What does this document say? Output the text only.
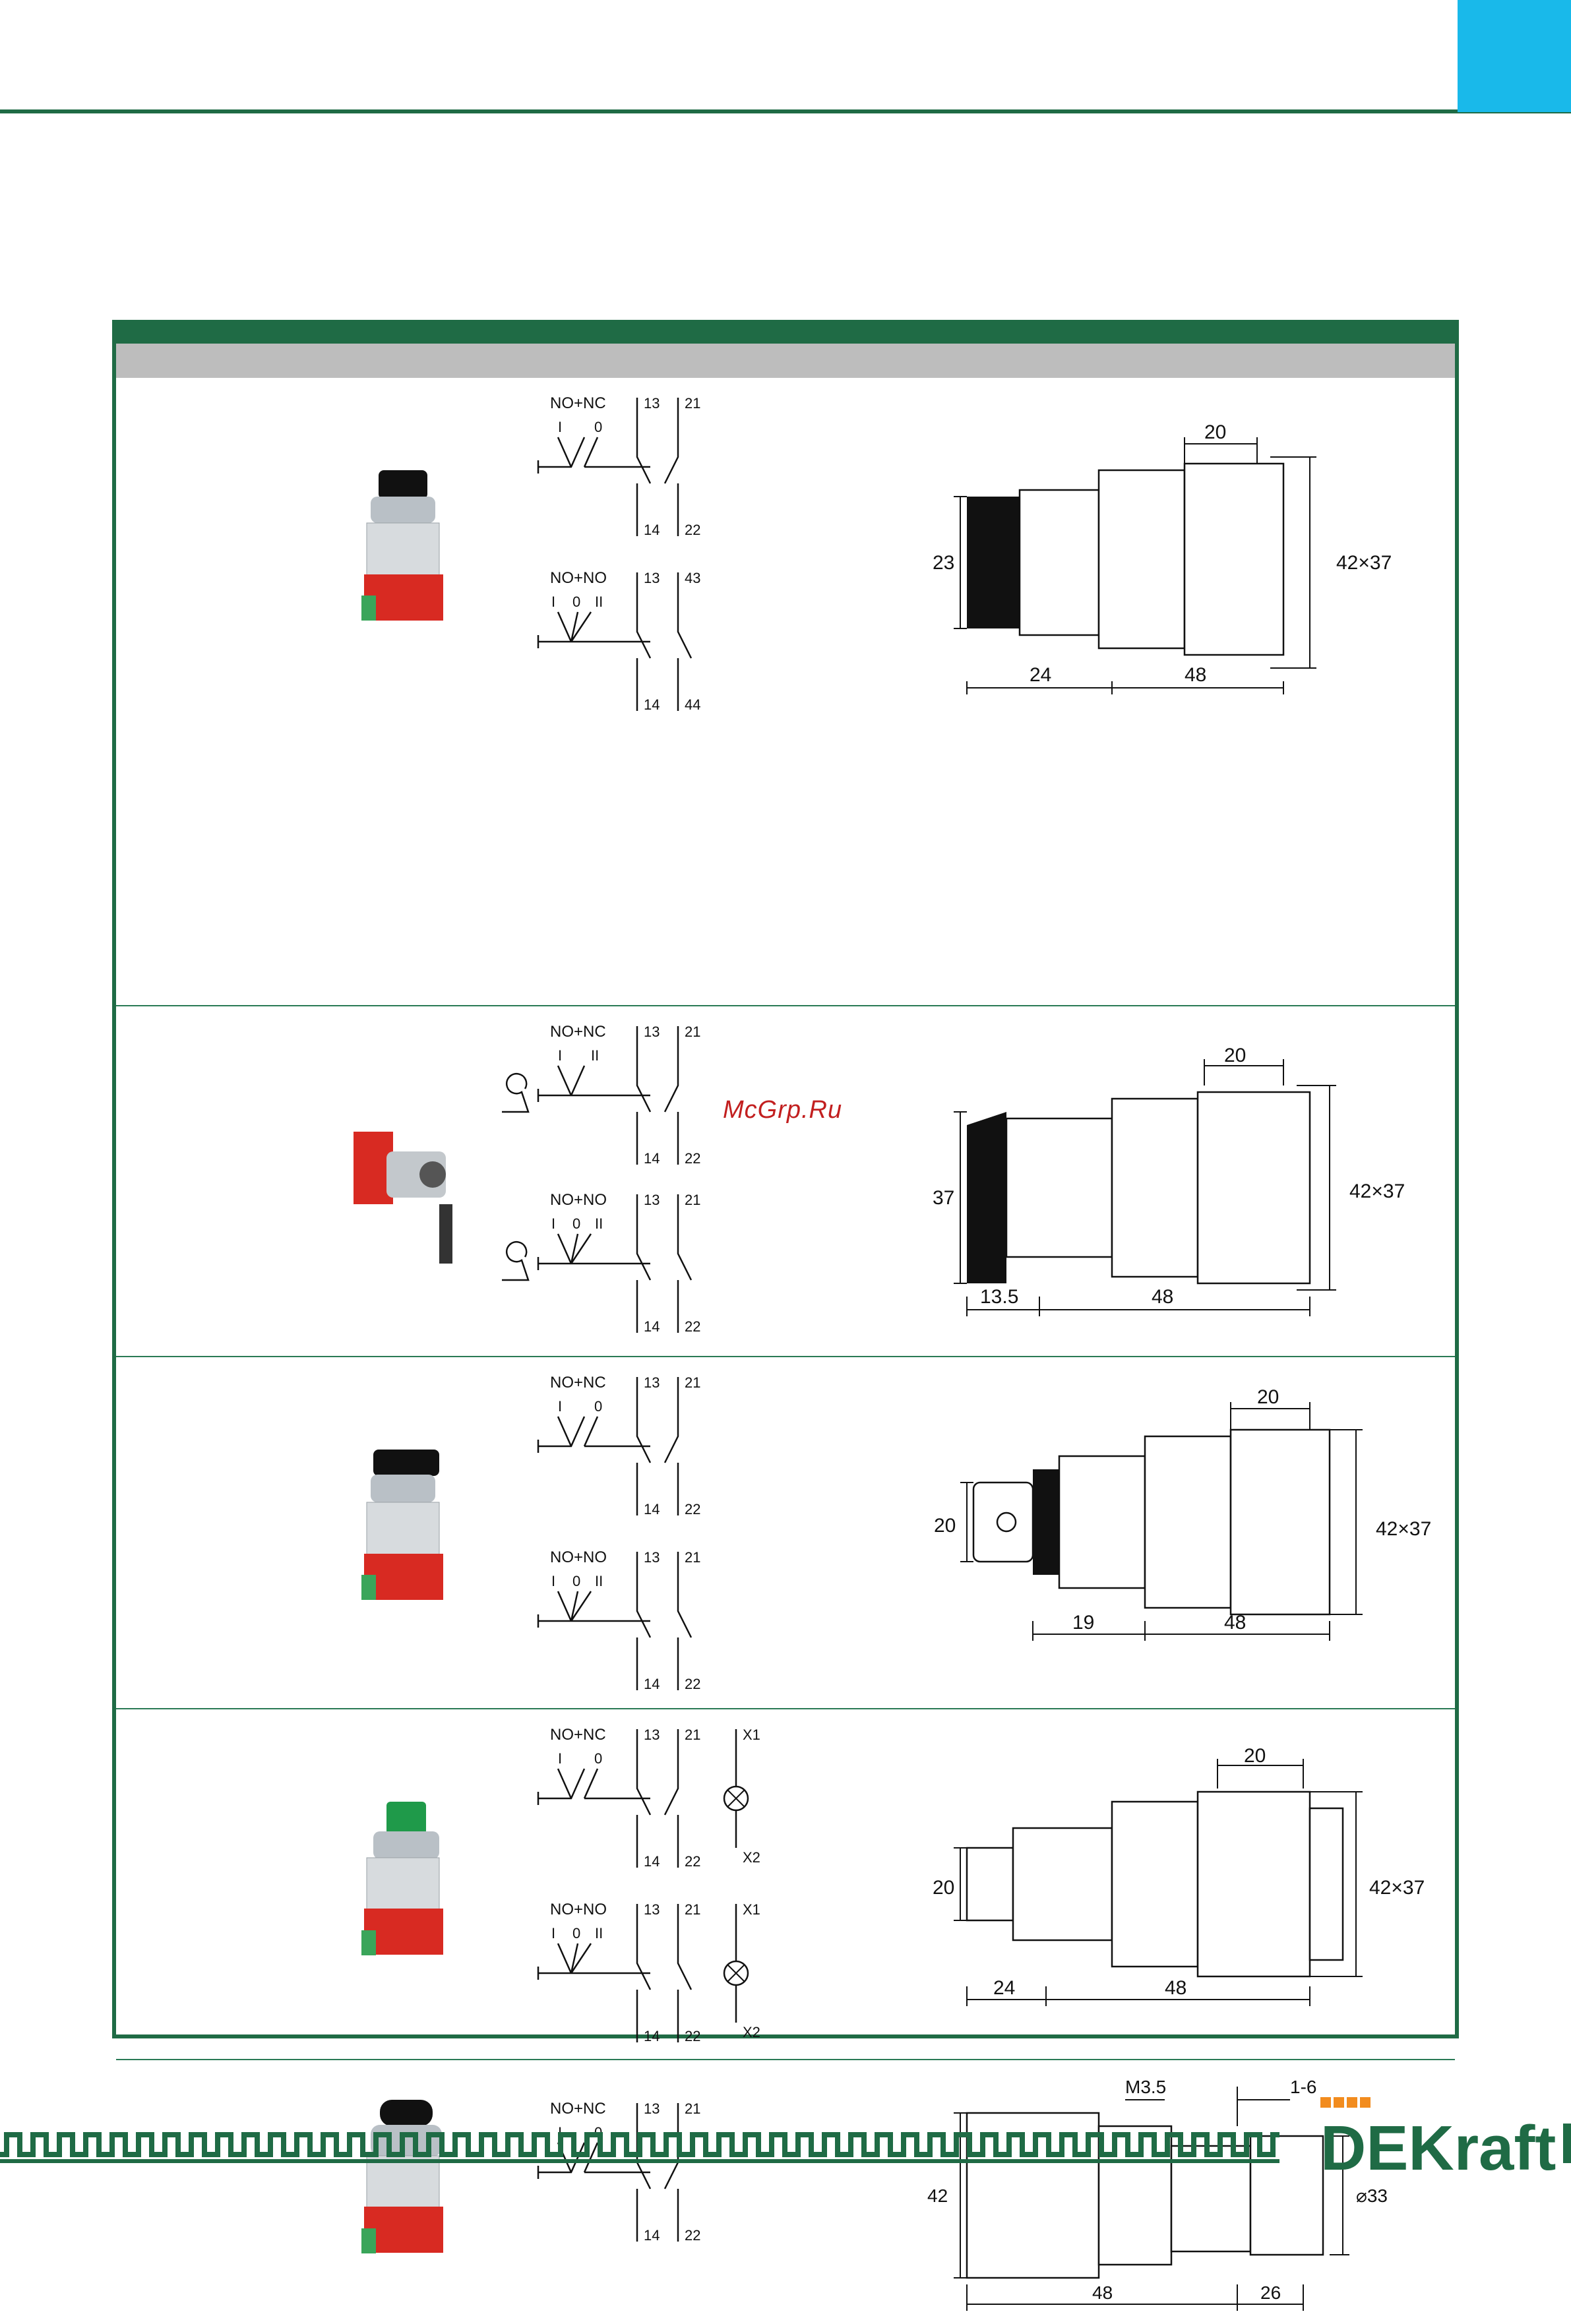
NO+NC
I 0
13 21
14 22
NO+NO
I 0 II
13 43
14 44
20
23	42×37
24	48
NO+NC
I II
13 21
14 22
NO+NO
I 0 II
13 21
14 22
20
37	42×37
13.5	48
NO+NC
I 0
13 21
14 22
NO+NO
I 0 II
13 21
14 22
20
20	42×37
19	48
NO+NC
I 0
13 21
14 22
X1
X2
NO+NO
I 0 II
13 21
14 22
X1
X2
20
20	42×37
24	48
NO+NC	13 21
14 22
M3.5	1-6
42	⌀33
48	26
McGrp.Ru
DEKraft
